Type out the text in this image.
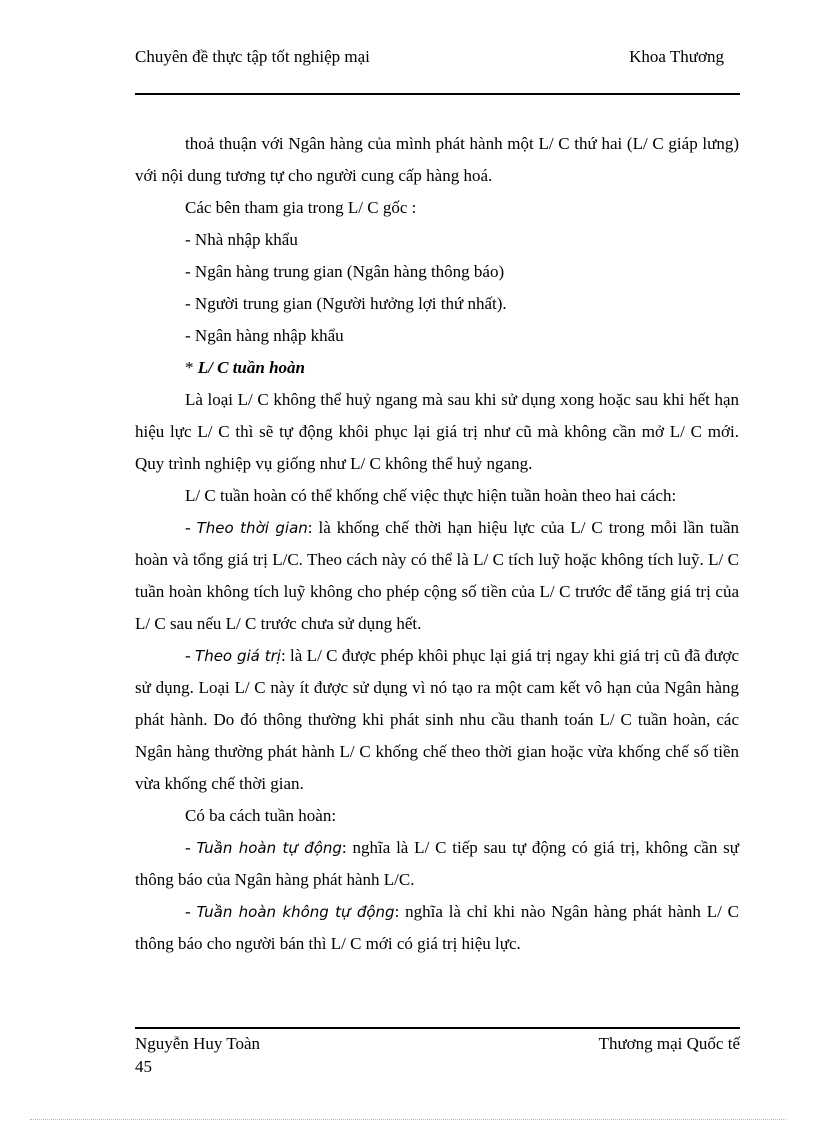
Chuyên đề thực tập tốt nghiệp mại	Khoa Thương

thoả thuận với Ngân hàng của mình phát hành một L/ C thứ hai (L/ C giáp lưng) với nội dung tương tự cho người cung cấp hàng hoá.

Các bên tham gia trong L/ C gốc :

- Nhà nhập khẩu

- Ngân hàng trung gian (Ngân hàng thông báo)

- Người trung gian (Người hưởng lợi thứ nhất).

- Ngân hàng nhập khẩu

* L/ C tuần hoàn

Là loại L/ C không thể huỷ ngang mà sau khi sử dụng xong hoặc sau khi hết hạn hiệu lực L/ C thì sẽ tự động khôi phục lại giá trị như cũ mà không cần mở L/ C mới. Quy trình nghiệp vụ giống như L/ C không thể huỷ ngang.

L/ C tuần hoàn có thể khống chế việc thực hiện tuần hoàn theo hai cách:

- Theo thời gian: là khống chế thời hạn hiệu lực của L/ C trong mỗi lần tuần hoàn và tổng giá trị L/C. Theo cách này có thể là L/ C tích luỹ hoặc không tích luỹ. L/ C tuần hoàn không tích luỹ không cho phép cộng số tiền của L/ C trước để tăng giá trị của L/ C sau nếu L/ C trước chưa sử dụng hết.

- Theo giá trị: là L/ C được phép khôi phục lại giá trị ngay khi giá trị cũ đã được sử dụng. Loại L/ C này ít được sử dụng vì nó tạo ra một cam kết vô hạn của Ngân hàng phát hành. Do đó thông thường khi phát sinh nhu cầu thanh toán L/ C tuần hoàn, các Ngân hàng thường phát hành L/ C khống chế theo thời gian hoặc vừa khống chế số tiền vừa khống chế thời gian.

Có ba cách tuần hoàn:

- Tuần hoàn tự động: nghĩa là L/ C tiếp sau tự động có giá trị, không cần sự thông báo của Ngân hàng phát hành L/C.

- Tuần hoàn không tự động: nghĩa là chỉ khi nào Ngân hàng phát hành L/ C thông báo cho người bán thì L/ C mới có giá trị hiệu lực.

Nguyễn Huy Toàn
45
Thương mại Quốc tế
